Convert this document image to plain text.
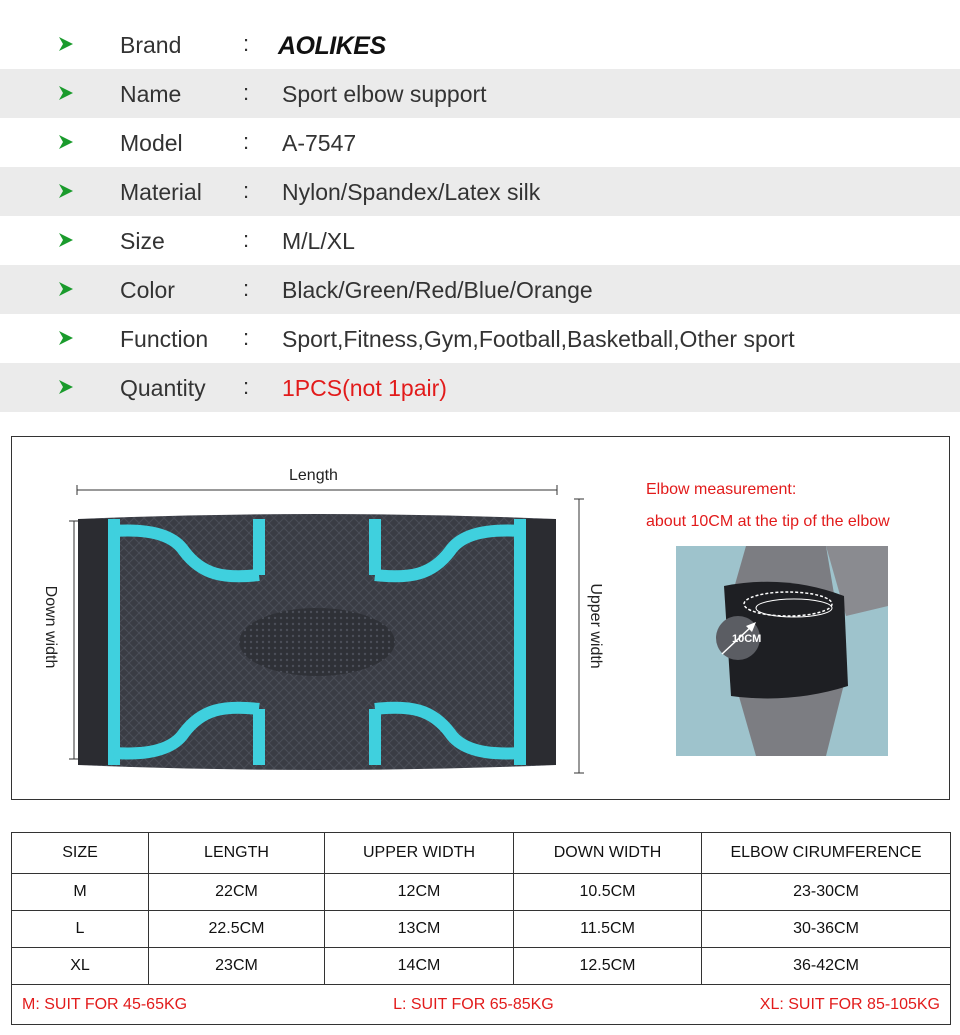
Brand	: AOLIKES
Name	: Sport elbow support
Model	: A-7547
Material : Nylon/Spandex/Latex silk
Size	: M/L/XL
Color	: Black/Green/Red/Blue/Orange
Function : Sport,Fitness,Gym,Football,Basketball,Other sport
Quantity : 1PCS(not 1pair)
Length
Down width	Upper width
Elbow measurement:
about 10CM at the tip of the elbow
10CM
SIZE	LENGTH	UPPER WIDTH	DOWN WIDTH	ELBOW CIRUMFERENCE
M	22CM	12CM	10.5CM	23-30CM
L	22.5CM	13CM	11.5CM	30-36CM
XL	23CM	14CM	12.5CM	36-42CM

M: SUIT FOR 45-65KG L: SUIT FOR 65-85KG XL: SUIT FOR 85-105KG				
